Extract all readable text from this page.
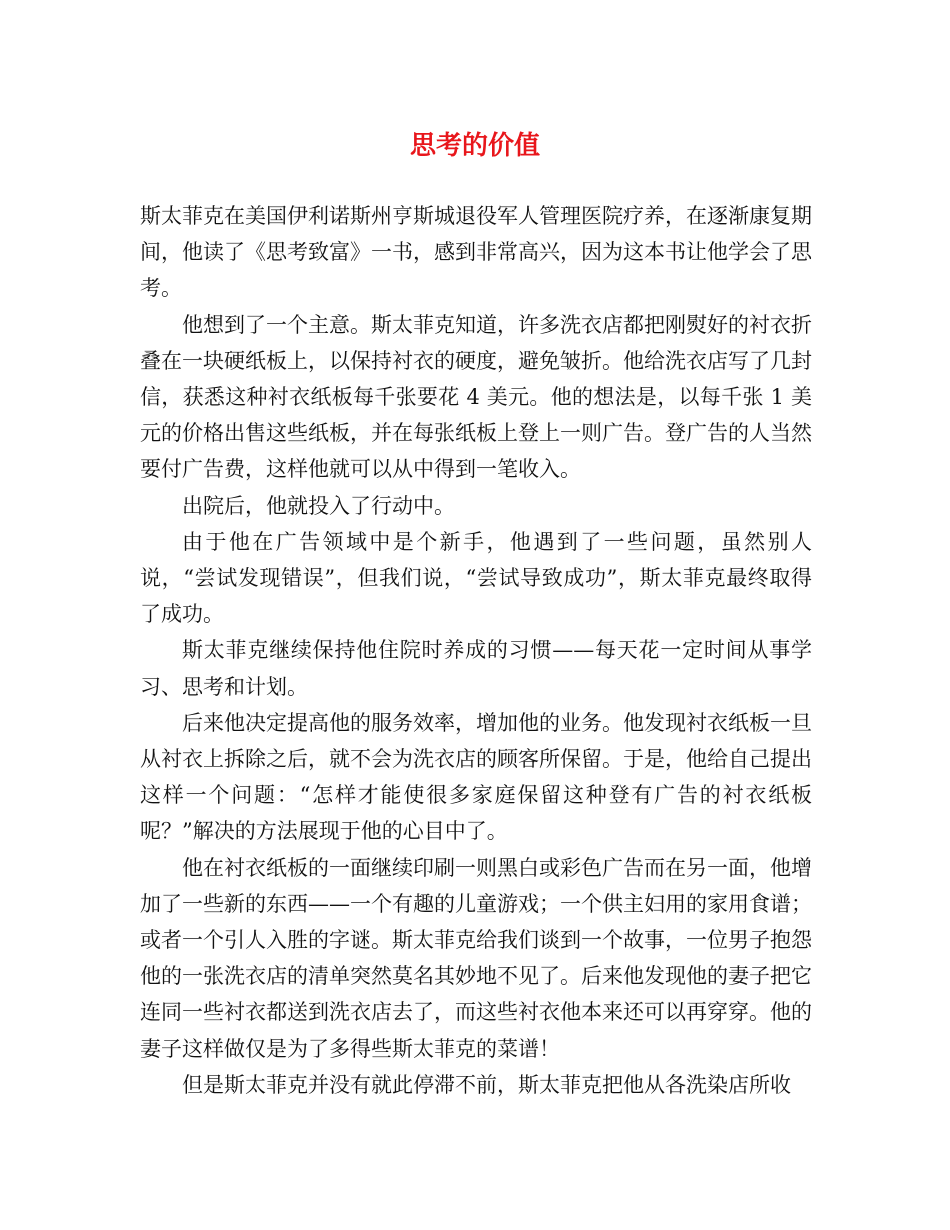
思考的价值

斯太菲克在美国伊利诺斯州亨斯城退役军人管理医院疗养，在逐渐康复期间，他读了《思考致富》一书，感到非常高兴，因为这本书让他学会了思考。

他想到了一个主意。斯太菲克知道，许多洗衣店都把刚熨好的衬衣折叠在一块硬纸板上，以保持衬衣的硬度，避免皱折。他给洗衣店写了几封信，获悉这种衬衣纸板每千张要花 4 美元。他的想法是，以每千张 1 美元的价格出售这些纸板，并在每张纸板上登上一则广告。登广告的人当然要付广告费，这样他就可以从中得到一笔收入。

出院后，他就投入了行动中。

由于他在广告领域中是个新手，他遇到了一些问题，虽然别人说，“尝试发现错误”，但我们说，“尝试导致成功”，斯太菲克最终取得了成功。

斯太菲克继续保持他住院时养成的习惯——每天花一定时间从事学习、思考和计划。

后来他决定提高他的服务效率，增加他的业务。他发现衬衣纸板一旦从衬衣上拆除之后，就不会为洗衣店的顾客所保留。于是，他给自己提出这样一个问题：“怎样才能使很多家庭保留这种登有广告的衬衣纸板呢？”解决的方法展现于他的心目中了。

他在衬衣纸板的一面继续印刷一则黑白或彩色广告而在另一面，他增加了一些新的东西——一个有趣的儿童游戏；一个供主妇用的家用食谱；或者一个引人入胜的字谜。斯太菲克给我们谈到一个故事，一位男子抱怨他的一张洗衣店的清单突然莫名其妙地不见了。后来他发现他的妻子把它连同一些衬衣都送到洗衣店去了，而这些衬衣他本来还可以再穿穿。他的妻子这样做仅是为了多得些斯太菲克的菜谱！

但是斯太菲克并没有就此停滞不前，斯太菲克把他从各洗染店所收
